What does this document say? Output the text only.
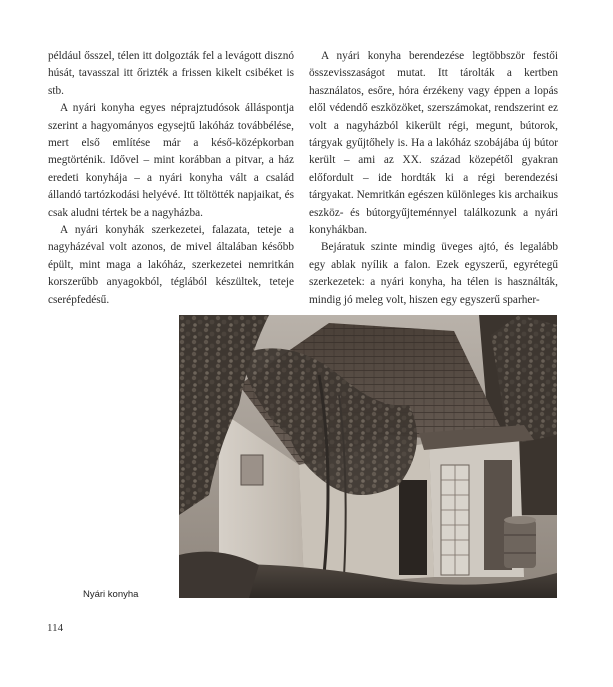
például ősszel, télen itt dolgozták fel a levágott disznó húsát, tavasszal itt őrizték a frissen kikelt csibéket is stb.

A nyári konyha egyes néprajztudósok álláspontja szerint a hagyományos egysejtű lakóház továbbélése, mert első említése már a késő-középkorban megtörténik. Idővel – mint korábban a pitvar, a ház eredeti konyhája – a nyári konyha vált a család állandó tartózkodási helyévé. Itt töltötték napjaikat, és csak aludni tértek be a nagyházba.

A nyári konyhák szerkezetei, falazata, teteje a nagyházéval volt azonos, de mivel általában később épült, mint maga a lakóház, szerkezetei nemritkán korszerűbb anyagokból, téglából készültek, teteje cserépfedésű.

A nyári konyha berendezése legtöbbször festői összevisszaságot mutat. Itt tárolták a kertben használatos, esőre, hóra érzékeny vagy éppen a lopás elől védendő eszközöket, szerszámokat, rendszerint ez volt a nagyházból kikerült régi, megunt, bútorok, tárgyak gyűjtőhely is. Ha a lakóház szobájába új bútor került – ami az XX. század közepétől gyakran előfordult – ide hordták ki a régi berendezési tárgyakat. Nemritkán egészen különleges kis archaikus eszköz- és bútorgyűjteménnyel találkozunk a nyári konyhákban.

Bejáratuk szinte mindig üveges ajtó, és legalább egy ablak nyílik a falon. Ezek egyszerű, egyrétegű szerkezetek: a nyári konyha, ha télen is használták, mindig jó meleg volt, hiszen egy egyszerű sparher-

Nyári konyha
114
